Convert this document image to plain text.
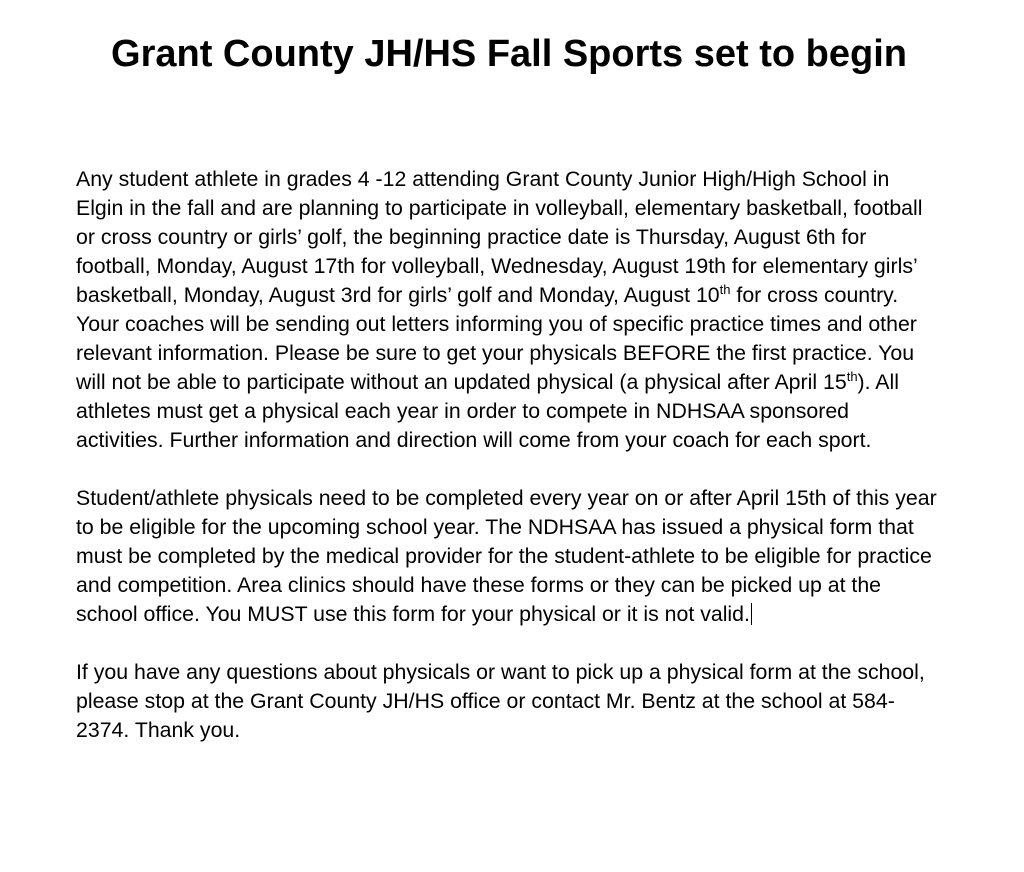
Grant County JH/HS Fall Sports set to begin

Any student athlete in grades 4 -12 attending Grant County Junior High/High School in Elgin in the fall and are planning to participate in volleyball, elementary basketball, football or cross country or girls’ golf, the beginning practice date is Thursday, August 6th for football, Monday, August 17th for volleyball, Wednesday, August 19th for elementary girls’ basketball, Monday, August 3rd for girls’ golf and Monday, August 10th for cross country. Your coaches will be sending out letters informing you of specific practice times and other relevant information. Please be sure to get your physicals BEFORE the first practice. You will not be able to participate without an updated physical (a physical after April 15th). All athletes must get a physical each year in order to compete in NDHSAA sponsored activities. Further information and direction will come from your coach for each sport.

Student/athlete physicals need to be completed every year on or after April 15th of this year to be eligible for the upcoming school year. The NDHSAA has issued a physical form that must be completed by the medical provider for the student-athlete to be eligible for practice and competition. Area clinics should have these forms or they can be picked up at the school office. You MUST use this form for your physical or it is not valid.

If you have any questions about physicals or want to pick up a physical form at the school, please stop at the Grant County JH/HS office or contact Mr. Bentz at the school at 584-2374. Thank you.
